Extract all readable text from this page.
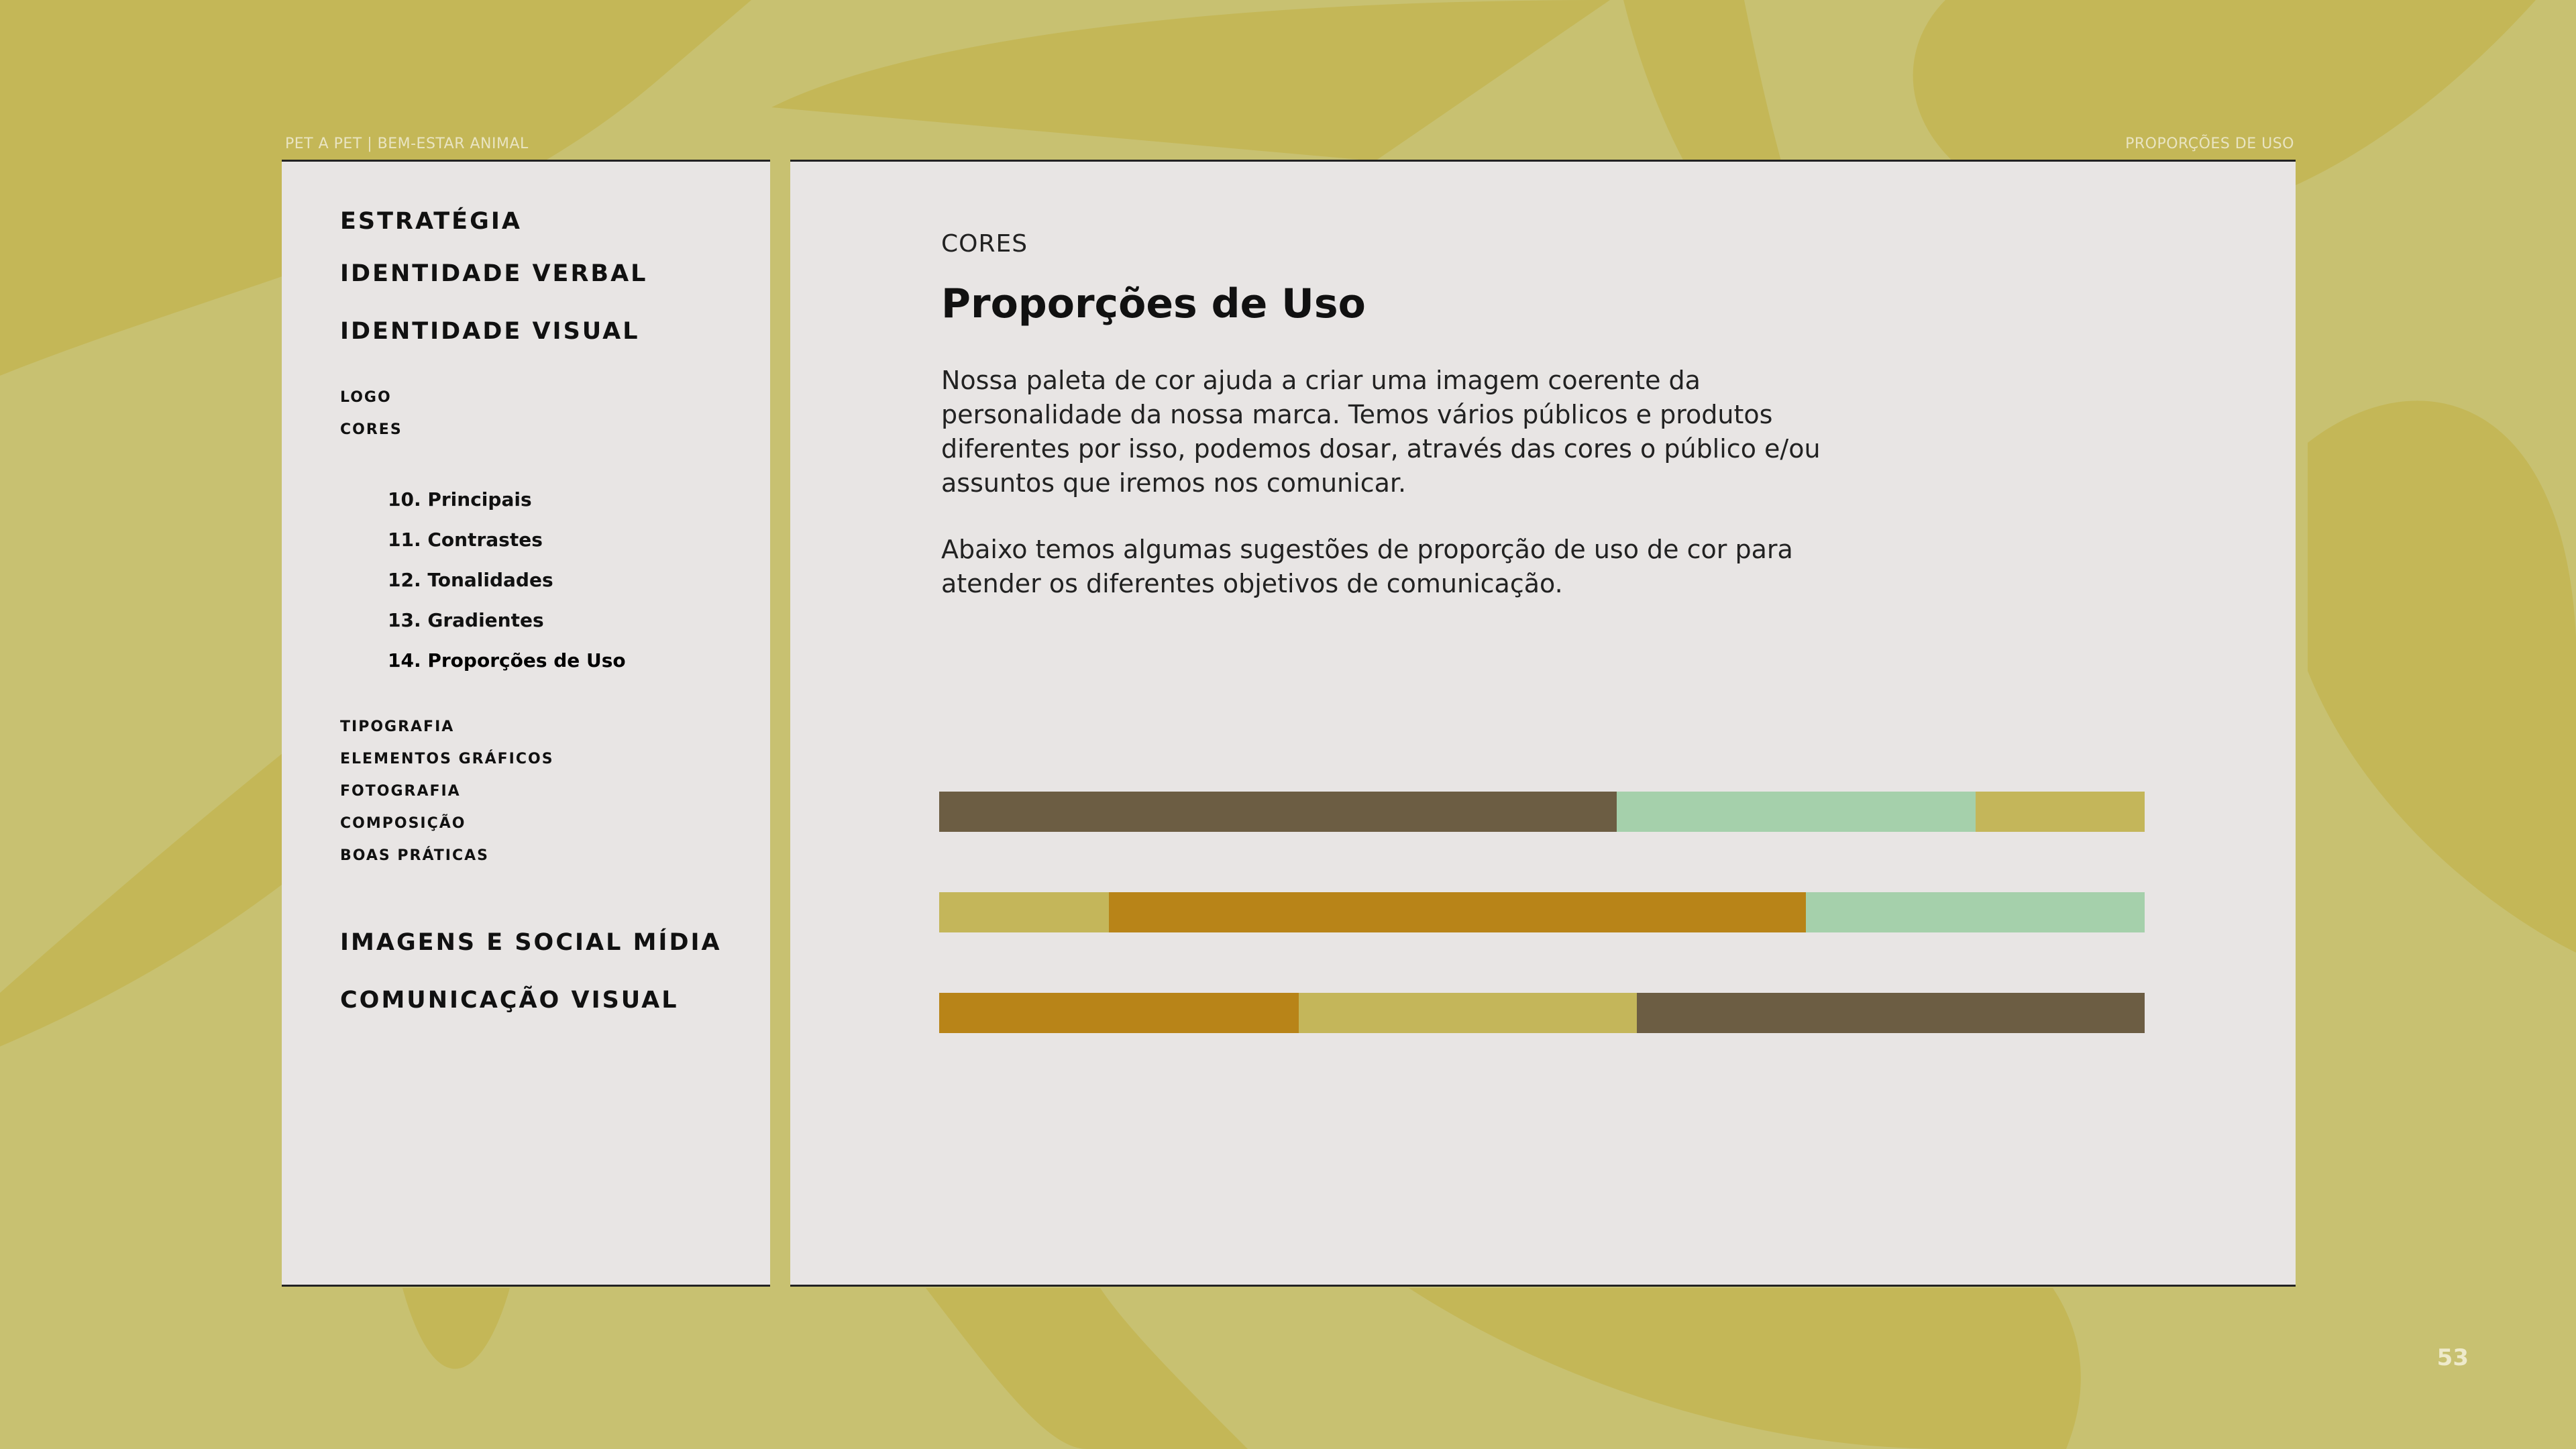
PET A PET | BEM-ESTAR ANIMAL	PROPORÇÕES DE USO
ESTRATÉGIA
IDENTIDADE VERBAL
IDENTIDADE VISUAL
LOGO
CORES
10. Principais
11. Contrastes
12. Tonalidades
13. Gradientes
14. Proporções de Uso
TIPOGRAFIA
ELEMENTOS GRÁFICOS
FOTOGRAFIA
COMPOSIÇÃO
BOAS PRÁTICAS
IMAGENS E SOCIAL MÍDIA
COMUNICAÇÃO VISUAL
CORES
Proporções de Uso
Nossa paleta de cor ajuda a criar uma imagem coerente da personalidade da nossa marca. Temos vários públicos e produtos diferentes por isso, podemos dosar, através das cores o público e/ou assuntos que iremos nos comunicar.
Abaixo temos algumas sugestões de proporção de uso de cor para atender os diferentes objetivos de comunicação.
53
